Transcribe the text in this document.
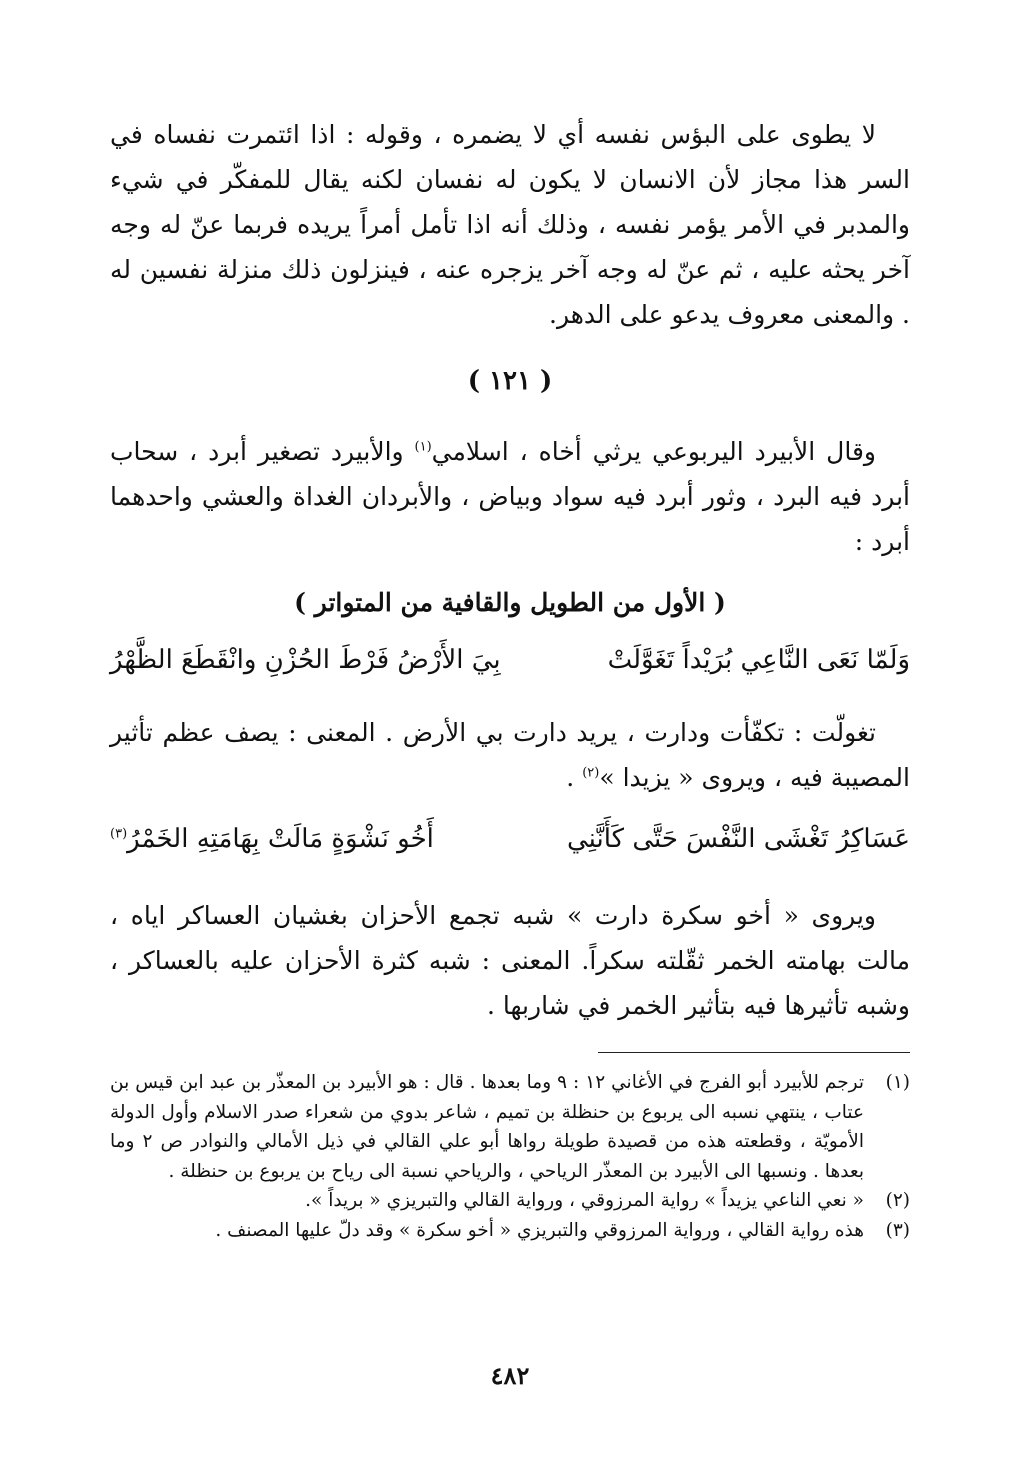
لا يطوى على البؤس نفسه أي لا يضمره ، وقوله : اذا ائتمرت نفساه في السر هذا مجاز لأن الانسان لا يكون له نفسان لكنه يقال للمفكّر في شيء والمدبر في الأمر يؤمر نفسه ، وذلك أنه اذا تأمل أمراً يريده فربما عنّ له وجه آخر يحثه عليه ، ثم عنّ له وجه آخر يزجره عنه ، فينزلون ذلك منزلة نفسين له . والمعنى معروف يدعو على الدهر.

( ١٢١ )

وقال الأبيرد اليربوعي يرثي أخاه ، اسلامي$^{(١)}$ والأبيرد تصغير أبرد ، سحاب أبرد فيه البرد ، وثور أبرد فيه سواد وبياض ، والأبردان الغداة والعشي واحدهما أبرد :

( الأول من الطويل والقافية من المتواتر )
وَلَمّا نَعَى النَّاعِي بُرَيْداً تَغَوَّلَتْ
بِيَ الأَرْضُ فَرْطَ الحُزْنِ وانْقَطَعَ الظَّهْرُ

تغولّت : تكفّأت ودارت ، يريد دارت بي الأرض . المعنى : يصف عظم تأثير المصيبة فيه ، ويروى « يزيدا »$^{(٢)}$ .

عَسَاكِرُ تَغْشَى النَّفْسَ حَتَّى كَأَنَّنِي
أَخُو نَشْوَةٍ مَالَتْ بِهَامَتِهِ الخَمْرُ$^{(٣)}$

ويروى « أخو سكرة دارت » شبه تجمع الأحزان بغشيان العساكر اياه ، مالت بهامته الخمر ثقّلته سكراً. المعنى : شبه كثرة الأحزان عليه بالعساكر ، وشبه تأثيرها فيه بتأثير الخمر في شاربها .

(١)
ترجم للأبيرد أبو الفرج في الأغاني ١٢ : ٩ وما بعدها . قال : هو الأبيرد بن المعذّر بن عبد ابن قيس بن عتاب ، ينتهي نسبه الى يربوع بن حنظلة بن تميم ، شاعر بدوي من شعراء صدر الاسلام وأول الدولة الأمويّة ، وقطعته هذه من قصيدة طويلة رواها أبو علي القالي في ذيل الأمالي والنوادر ص ٢ وما بعدها . ونسبها الى الأبيرد بن المعذّر الرياحي ، والرياحي نسبة الى رياح بن يربوع بن حنظلة .
(٢)
« نعي الناعي يزيداً » رواية المرزوقي ، ورواية القالي والتبريزي « بريداً ».
(٣)
هذه رواية القالي ، ورواية المرزوقي والتبريزي « أخو سكرة » وقد دلّ عليها المصنف .
٤٨٢
